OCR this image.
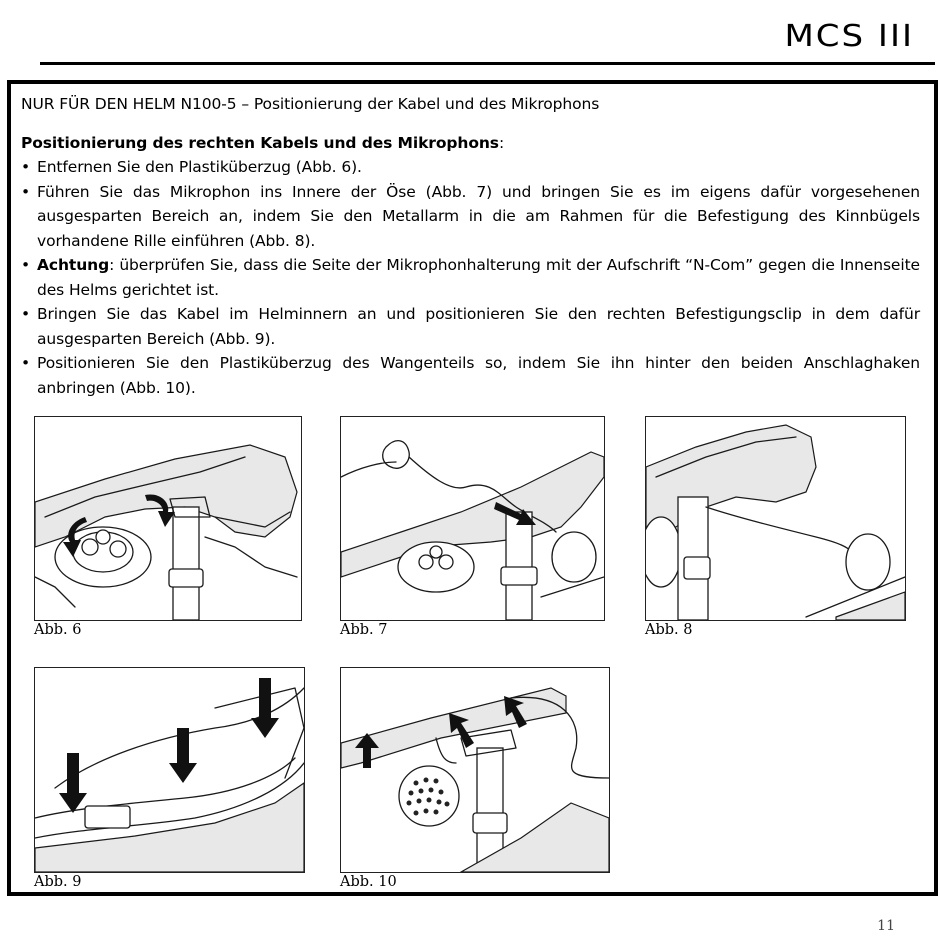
MCS III
NUR FÜR DEN HELM N100-5 – Positionierung der Kabel und des Mikrophons
Positionierung des rechten Kabels und des Mikrophons:
• Entfernen Sie den Plastiküberzug (Abb. 6).
• Führen Sie das Mikrophon ins Innere der Öse (Abb. 7) und bringen Sie es im eigens dafür vorgesehenen ausgesparten Bereich an, indem Sie den Metallarm in die am Rahmen für die Befestigung des Kinnbügels vorhandene Rille einführen (Abb. 8).
• Achtung: überprüfen Sie, dass die Seite der Mikrophonhalterung mit der Aufschrift “N-Com” gegen die Innenseite des Helms gerichtet ist.
• Bringen Sie das Kabel im Helminnern an und positionieren Sie den rechten Befestigungsclip in dem dafür ausgesparten Bereich (Abb. 9).
• Positionieren Sie den Plastiküberzug des Wangenteils so, indem Sie ihn hinter den beiden Anschlaghaken anbringen (Abb. 10).
Abb. 6	Abb. 7	Abb. 8
Abb. 9	Abb. 10
11
